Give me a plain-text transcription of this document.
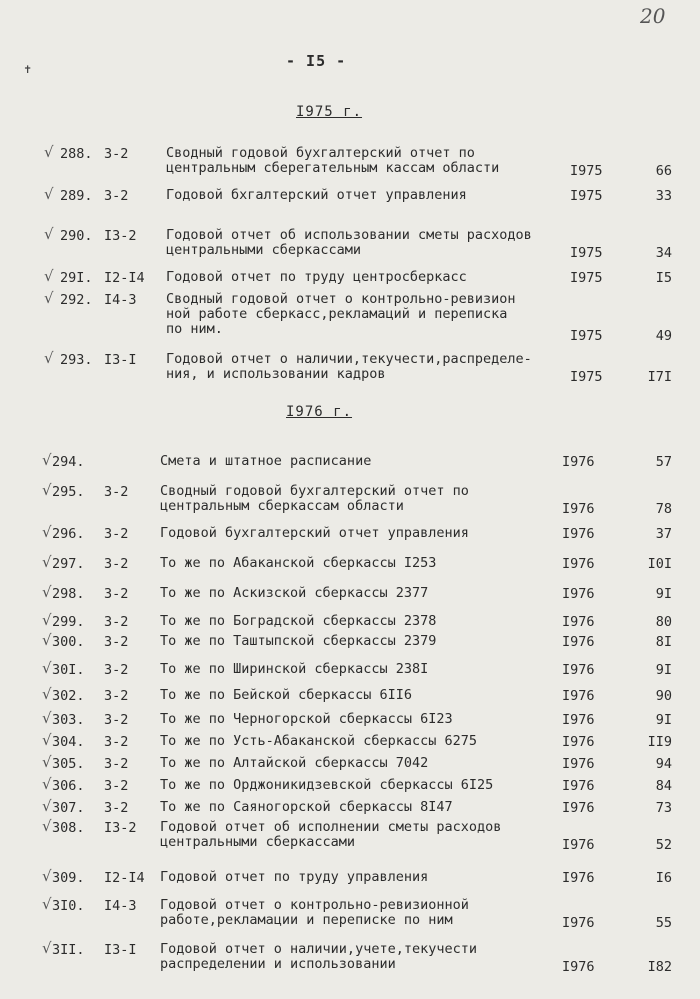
20
✝	- I5 -
I975 г.
I976 г.
√ 288. 3-2	Сводный годовой бухгалтерский отчет по
центральным сберегательным кассам области	I975	66
√ 289. 3-2	Годовой бхгалтерский отчет управления	I975	33
√ 290. I3-2 Годовой отчет об использовании сметы расходов
центральными сберкассами	I975	34
√ 29I. I2-I4 Годовой отчет по труду центросберкасс	I975	I5
√ 292. I4-3 Сводный годовой отчет о контрольно-ревизион
ной работе сберкасс,рекламаций и переписка
по ним.	I975	49
√ 293. I3-I Годовой отчет о наличии,текучести,распределе-
ния, и использовании кадров	I975	I7I
√ 294.	Смета и штатное расписание	I976	57
√ 295. 3-2 Сводный годовой бухгалтерский отчет по
центральным сберкассам области	I976	78
√ 296. 3-2 Годовой бухгалтерский отчет управления	I976	37
√ 297. 3-2 То же по Абаканской сберкассы I253	I976	I0I
√ 298. 3-2 То же по Аскизской сберкассы 2377	I976	9I
√ 299. 3-2 То же по Боградской сберкассы 2378	I976	80
√ 300. 3-2 То же по Таштыпской сберкассы 2379	I976	8I
√ 30I. 3-2 То же по Ширинской сберкассы 238I	I976	9I
√ 302. 3-2 То же по Бейской сберкассы 6II6	I976	90
√ 303. 3-2 То же по Черногорской сберкассы 6I23	I976	9I
√ 304. 3-2 То же по Усть-Абаканской сберкассы 6275	I976	II9
√ 305. 3-2 То же по Алтайской сберкассы 7042	I976	94
√ 306. 3-2 То же по Орджоникидзевской сберкассы 6I25	I976	84
√ 307. 3-2 То же по Саяногорской сберкассы 8I47	I976	73
√ 308. I3-2 Годовой отчет об исполнении сметы расходов
центральными сберкассами	I976	52
√ 309. I2-I4 Годовой отчет по труду управления	I976	I6
√ 3I0. I4-3 Годовой отчет о контрольно-ревизионной
работе,рекламации и переписке по ним	I976	55
√ 3II. I3-I Годовой отчет о наличии,учете,текучести
распределении и использовании	I976	I82
